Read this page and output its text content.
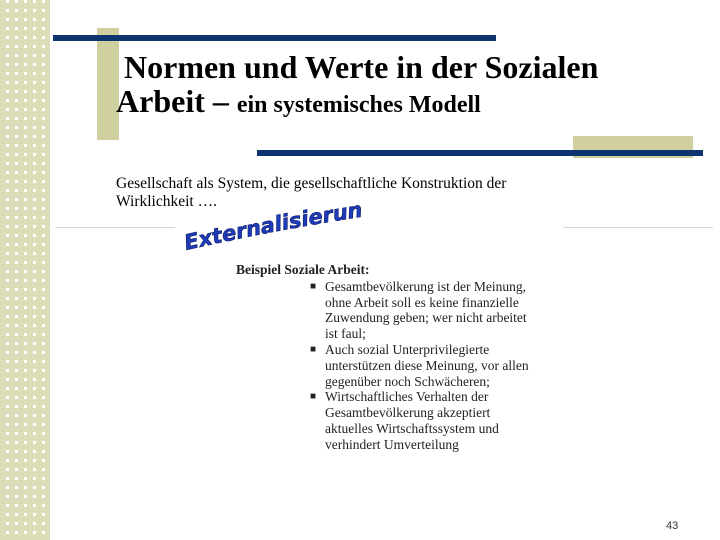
Normen und Werte in der Sozialen
Arbeit – ein systemisches Modell
Gesellschaft als System, die gesellschaftliche Konstruktion der
Wirklichkeit ….
Externalisierun
Beispiel Soziale Arbeit:
■ Gesamtbevölkerung ist der Meinung,
ohne Arbeit soll es keine finanzielle
Zuwendung geben; wer nicht arbeitet
ist faul;
■ Auch sozial Unterprivilegierte
unterstützen diese Meinung, vor allen
gegenüber noch Schwächeren;
■ Wirtschaftliches Verhalten der
Gesamtbevölkerung akzeptiert
aktuelles Wirtschaftssystem und
verhindert Umverteilung
43
